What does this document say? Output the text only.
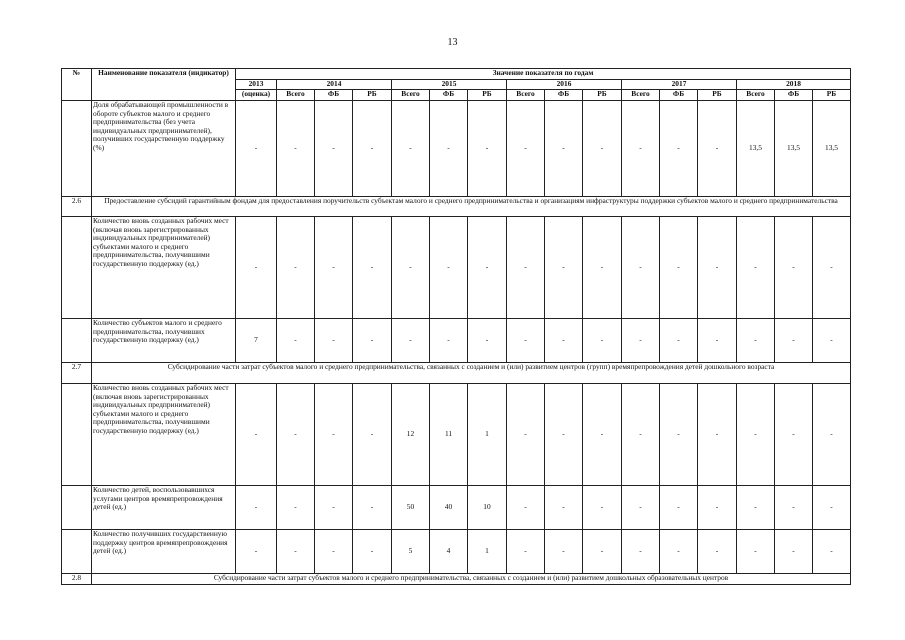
13
№	Наименование показателя (индикатор)	Значение показателя по годам															
		2013	2014			2015			2016			2017			2018		
		(оценка)	Всего	ФБ	РБ	Всего	ФБ	РБ	Всего	ФБ	РБ	Всего	ФБ	РБ	Всего	ФБ	РБ
	Доля обрабатывающей промышленности в обороте субъектов малого и среднего предпринимательства (без учета индивидуальных предпринимателей), получивших государственную поддержку (%)	-	-	-	-	-	-	-	-	-	-	-	-	-	13,5	13,5	13,5
2.6	Предоставление субсидий гарантийным фондам для предоставления поручительств субъектам малого и среднего предпринимательства и организациям инфраструктуры поддержки субъектов малого и среднего предпринимательства																
	Количество вновь созданных рабочих мест (включая вновь зарегистрированных индивидуальных предпринимателей) субъектами малого и среднего предпринимательства, получившими государственную поддержку (ед.)	-	-	-	-	-	-	-	-	-	-	-	-	-	-	-	-
	Количество субъектов малого и среднего предпринимательства, получивших государственную поддержку (ед.)	7	-	-	-	-	-	-	-	-	-	-	-	-	-	-	-
2.7	Субсидирование части затрат субъектов малого и среднего предпринимательства, связанных с созданием и (или) развитием центров (групп) времяпрепровождения детей дошкольного возраста																
	Количество вновь созданных рабочих мест (включая вновь зарегистрированных индивидуальных предпринимателей) субъектами малого и среднего предпринимательства, получившими государственную поддержку (ед.)	-	-	-	-	12	11	1	-	-	-	-	-	-	-	-	-
	Количество детей, воспользовавшихся услугами центров времяпрепровождения детей (ед.)	-	-	-	-	50	40	10	-	-	-	-	-	-	-	-	-
	Количество получивших государственную поддержку центров времяпрепровождения детей (ед.)	-	-	-	-	5	4	1	-	-	-	-	-	-	-	-	-
2.8	Субсидирование части затрат субъектов малого и среднего предпринимательства, связанных с созданием и (или) развитием дошкольных образовательных центров																
